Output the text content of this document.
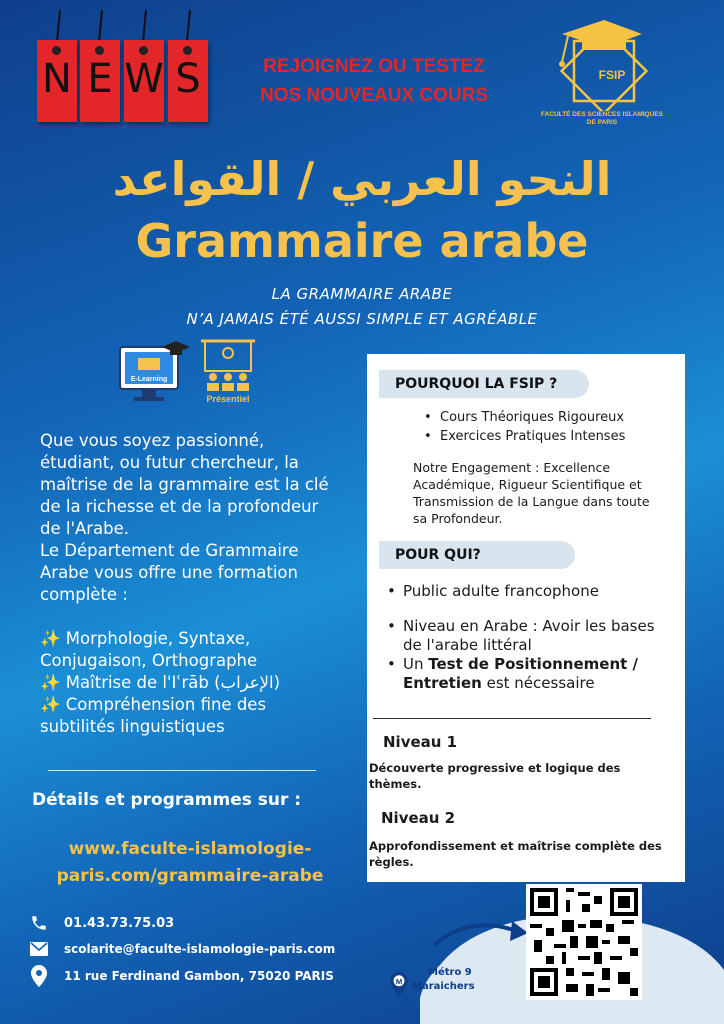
N E W S	REJOIGNEZ OU TESTEZ
NOS NOUVEAUX COURS
FSIP
FACULTÉ DES SCIENCES ISLAMIQUES
DE PARIS
النحو العربي / القواعد
Grammaire arabe
LA GRAMMAIRE ARABE
N’A JAMAIS ÉTÉ AUSSI SIMPLE ET AGRÉABLE
E-Learning
Présentiel

Que vous soyez passionné, étudiant, ou futur chercheur, la maîtrise de la grammaire est la clé de la richesse et de la profondeur de l'Arabe.

Le Département de Grammaire Arabe vous offre une formation complète :

✨ Morphologie, Syntaxe, Conjugaison, Orthographe

✨ Maîtrise de l'Iʿrāb (الإعراب)

✨ Compréhension fine des subtilités linguistiques

Détails et programmes sur :
www.faculte-islamologie-
paris.com/grammaire-arabe
01.43.73.75.03
scolarite@faculte-islamologie-paris.com
11 rue Ferdinand Gambon, 75020 PARIS
POURQUOI LA FSIP ?
• Cours Théoriques Rigoureux
• Exercices Pratiques Intenses
Notre Engagement : Excellence Académique, Rigueur Scientifique et Transmission de la Langue dans toute sa Profondeur.
POUR QUI?
• Public adulte francophone
• Niveau en Arabe : Avoir les bases de l'arabe littéral
• Un Test de Positionnement / Entretien est nécessaire
Niveau 1
Découverte progressive et logique des thèmes.
Niveau 2
Approfondissement et maîtrise complète des règles.
M
Métro 9
Maraichers
